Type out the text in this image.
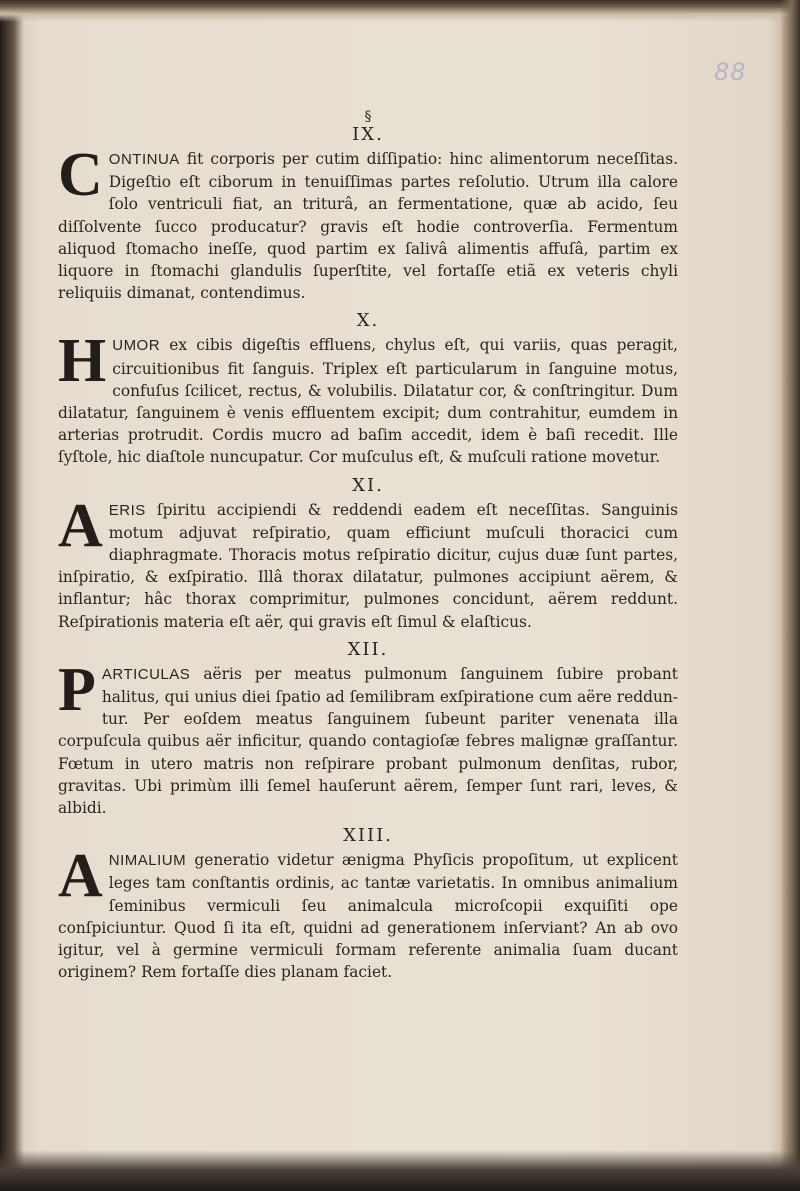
88
§
IX.

CONTINUA fit corporis per cutim diſſipatio: hinc alimentorum neceſſitas. Digeſtio eſt ciborum in tenuiſſimas partes reſolutio. Utrum illa calore ſolo ventriculi fiat, an triturâ, an fermentatione, quæ ab acido, ſeu diſſolvente ſucco producatur? gravis eſt hodie controverſia. Fermentum aliquod ſtomacho ineſſe, quod partim ex ſalivâ alimentis affuſâ, partim ex liquore in ſtomachi glandulis ſuperſtite, vel fortaſſe etiã ex veteris chyli reliquiis dimanat, contendimus.

X.

HUMOR ex cibis digeſtis effluens, chylus eſt, qui variis, quas peragit, circuitionibus fit ſanguis. Triplex eſt particularum in ſanguine motus, confuſus ſcilicet, rectus, & volubilis. Dilatatur cor, & conſtringitur. Dum dilatatur, ſanguinem è venis effluentem excipit; dum contrahitur, eumdem in arterias protrudit. Cordis mucro ad baſim accedit, idem è baſi recedit. Ille ſyſtole, hic diaſtole nuncupatur. Cor muſculus eſt, & muſculi ratione movetur.

XI.

AERIS ſpiritu accipiendi & reddendi eadem eſt neceſſitas. Sanguinis motum adjuvat reſpiratio, quam efficiunt muſculi thoracici cum diaphragmate. Thoracis motus reſpiratio dicitur, cujus duæ ſunt partes, inſpiratio, & exſpiratio. Illâ thorax dilatatur, pulmones accipiunt aërem, & inflantur; hâc thorax comprimitur, pulmones concidunt, aërem reddunt. Reſpirationis materia eſt aër, qui gravis eſt ſimul & elaſticus.

XII.

PARTICULAS aëris per meatus pulmonum ſanguinem ſubire probant halitus, qui unius diei ſpatio ad ſemilibram exſpiratione cum aëre reddun-tur. Per eoſdem meatus ſanguinem ſubeunt pariter venenata illa corpuſcula quibus aër inficitur, quando contagioſæ febres malignæ graſſantur. Fœtum in utero matris non reſpirare probant pulmonum denſitas, rubor, gravitas. Ubi primùm illi ſemel hauſerunt aërem, ſemper ſunt rari, leves, & albidi.

XIII.

ANIMALIUM generatio videtur ænigma Phyſicis propoſitum, ut explicent leges tam conſtantis ordinis, ac tantæ varietatis. In omnibus animalium ſeminibus vermiculi ſeu animalcula microſcopii exquiſiti ope conſpiciuntur. Quod ſi ita eſt, quidni ad generationem inſerviant? An ab ovo igitur, vel à germine vermiculi formam referente animalia ſuam ducant originem? Rem fortaſſe dies planam faciet.
